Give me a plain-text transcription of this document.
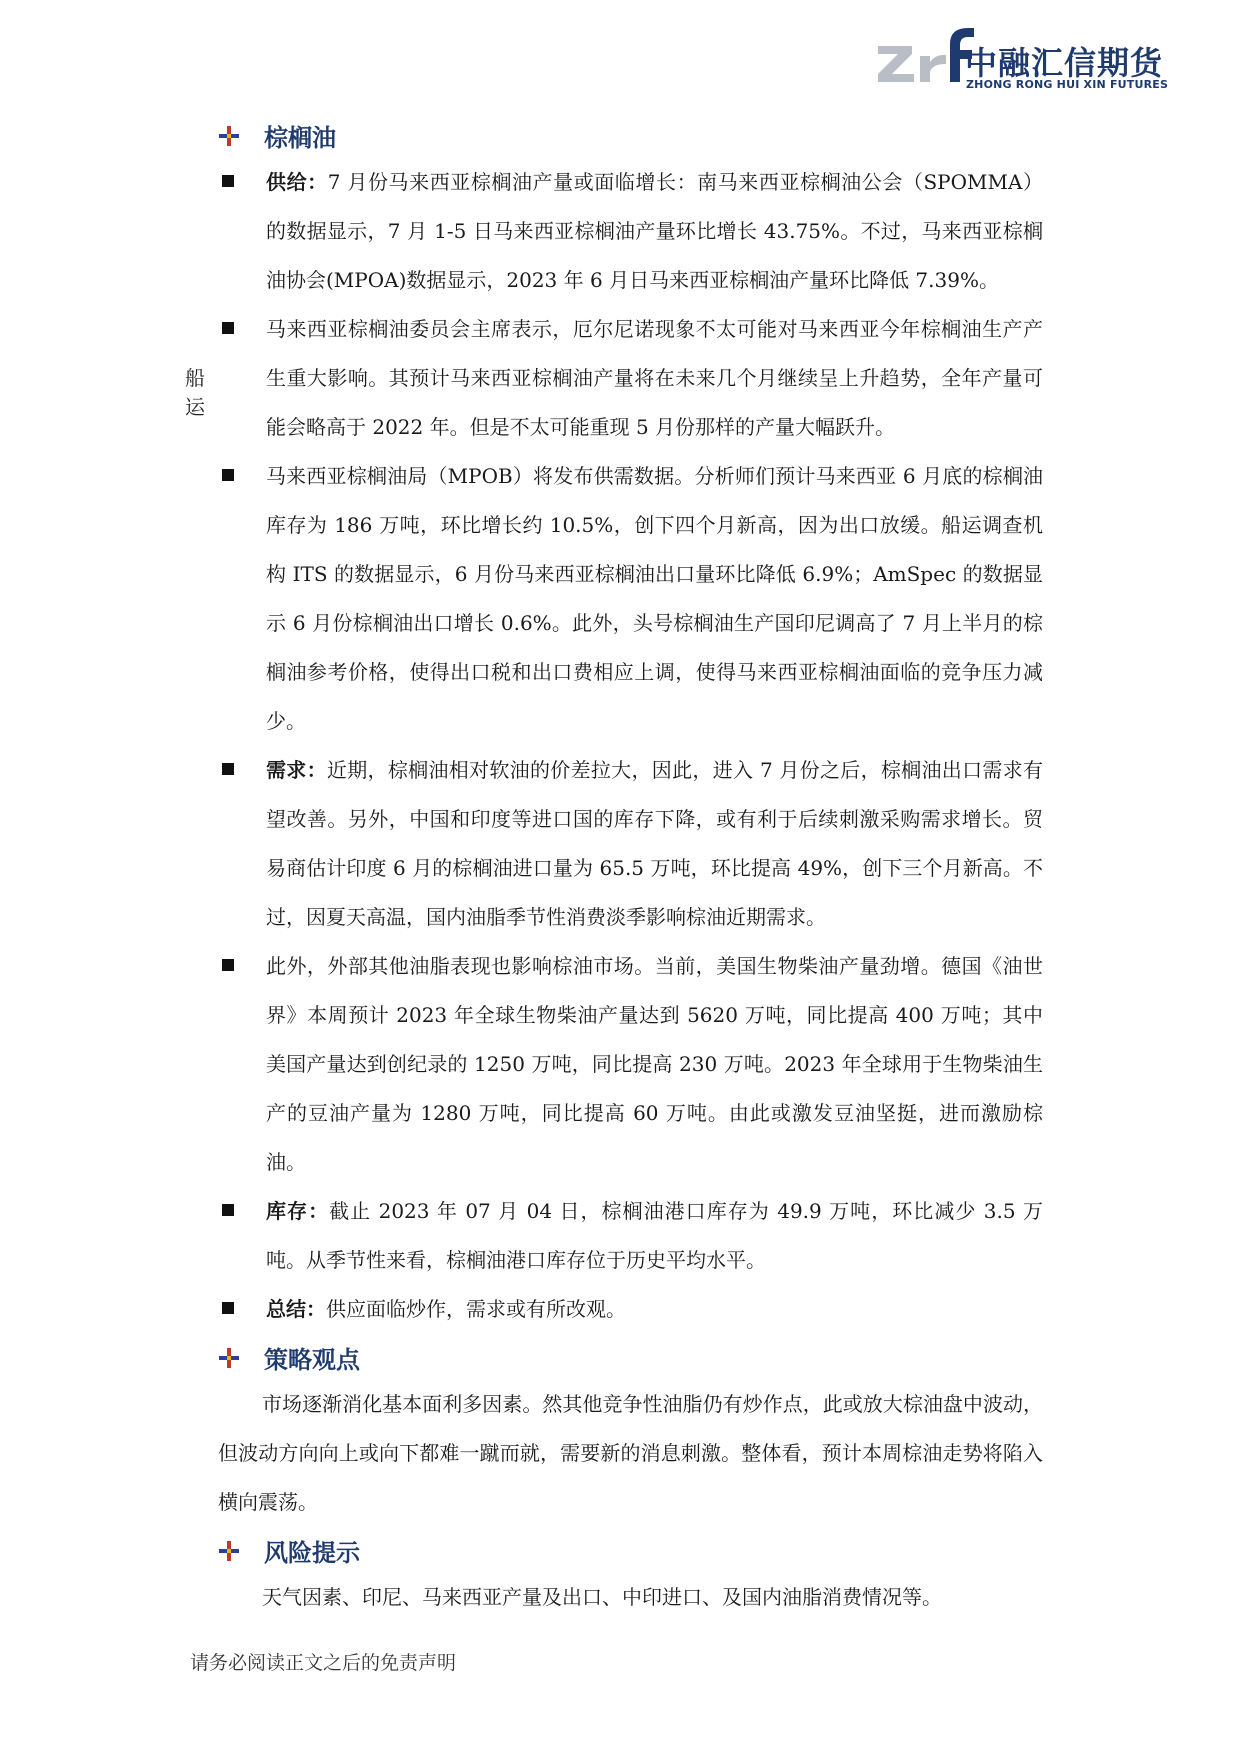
中融汇信期货
ZHONG RONG HUI XIN FUTURES
船运
棕榈油
供给：7 月份马来西亚棕榈油产量或面临增长：南马来西亚棕榈油公会（SPOMMA）的数据显示，7 月 1-5 日马来西亚棕榈油产量环比增长 43.75%。不过，马来西亚棕榈油协会(MPOA)数据显示，2023 年 6 月日马来西亚棕榈油产量环比降低 7.39%。
马来西亚棕榈油委员会主席表示，厄尔尼诺现象不太可能对马来西亚今年棕榈油生产产生重大影响。其预计马来西亚棕榈油产量将在未来几个月继续呈上升趋势，全年产量可能会略高于 2022 年。但是不太可能重现 5 月份那样的产量大幅跃升。
马来西亚棕榈油局（MPOB）将发布供需数据。分析师们预计马来西亚 6 月底的棕榈油库存为 186 万吨，环比增长约 10.5%，创下四个月新高，因为出口放缓。船运调查机构 ITS 的数据显示，6 月份马来西亚棕榈油出口量环比降低 6.9%；AmSpec 的数据显示 6 月份棕榈油出口增长 0.6%。此外，头号棕榈油生产国印尼调高了 7 月上半月的棕榈油参考价格，使得出口税和出口费相应上调，使得马来西亚棕榈油面临的竞争压力减少。
需求：近期，棕榈油相对软油的价差拉大，因此，进入 7 月份之后，棕榈油出口需求有望改善。另外，中国和印度等进口国的库存下降，或有利于后续刺激采购需求增长。贸易商估计印度 6 月的棕榈油进口量为 65.5 万吨，环比提高 49%，创下三个月新高。不过，因夏天高温，国内油脂季节性消费淡季影响棕油近期需求。
此外，外部其他油脂表现也影响棕油市场。当前，美国生物柴油产量劲增。德国《油世界》本周预计 2023 年全球生物柴油产量达到 5620 万吨，同比提高 400 万吨；其中美国产量达到创纪录的 1250 万吨，同比提高 230 万吨。2023 年全球用于生物柴油生产的豆油产量为 1280 万吨，同比提高 60 万吨。由此或激发豆油坚挺，进而激励棕油。
库存：截止 2023 年 07 月 04 日，棕榈油港口库存为 49.9 万吨，环比减少 3.5 万吨。从季节性来看，棕榈油港口库存位于历史平均水平。
总结：供应面临炒作，需求或有所改观。
策略观点
市场逐渐消化基本面利多因素。然其他竞争性油脂仍有炒作点，此或放大棕油盘中波动，但波动方向向上或向下都难一蹴而就，需要新的消息刺激。整体看，预计本周棕油走势将陷入横向震荡。
风险提示
天气因素、印尼、马来西亚产量及出口、中印进口、及国内油脂消费情况等。
请务必阅读正文之后的免责声明
